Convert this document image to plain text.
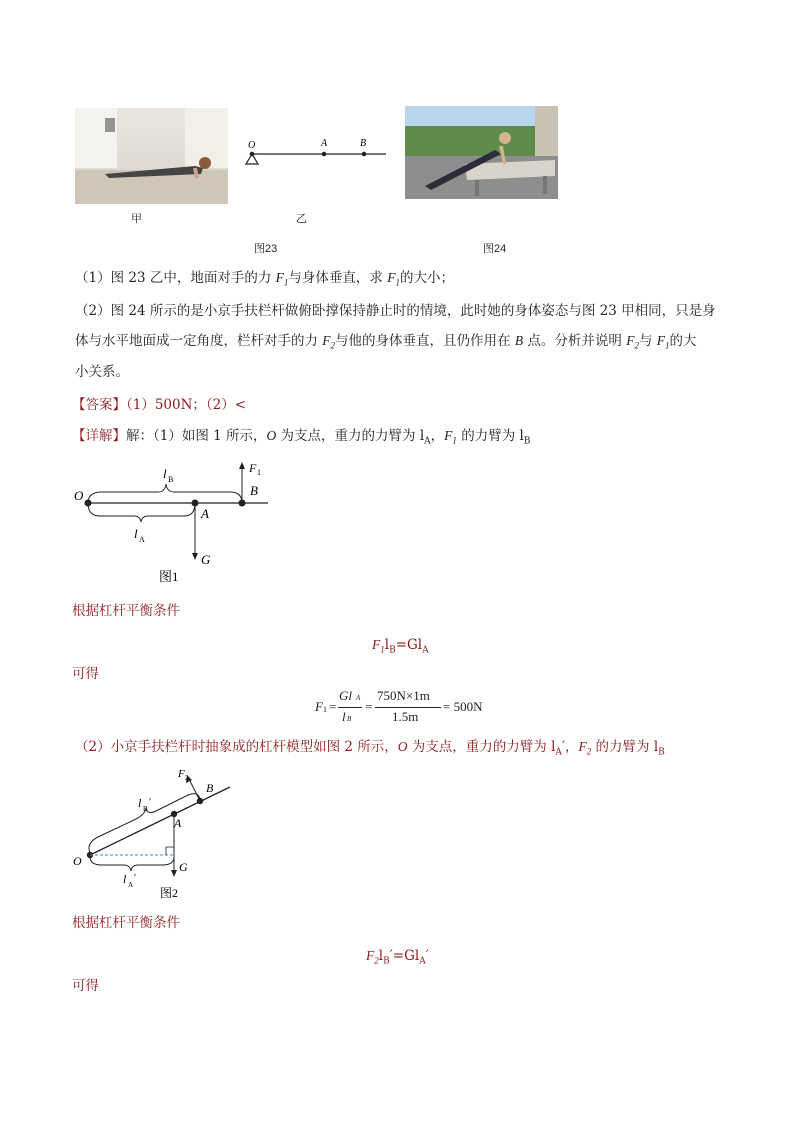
O	A	B
甲	乙
图23	图24
（1）图 23 乙中，地面对手的力 $F_1$与身体垂直，求 $F_1$的大小；
（2）图 24 所示的是小京手扶栏杆做俯卧撑保持静止时的情境，此时她的身体姿态与图 23 甲相同，只是身
体与水平地面成一定角度，栏杆对手的力 $F_2$与他的身体垂直，且仍作用在 B 点。分析并说明 $F_2$与 $F_1$的大
小关系。
【答案】（1）500N；（2）<
【详解】解：（1）如图 1 所示，O 为支点，重力的力臂为 $l_A$，$F_1$ 的力臂为 $l_B$
O
A
B
G
F 1
l B
l A
图1
根据杠杆平衡条件
$F_1l_B=Gl_A$
可得
F 1 =
Gl A
l B
=
750N×1m
1.5m
= 500N
（2）小京手扶栏杆时抽象成的杠杆模型如图 2 所示，O 为支点，重力的力臂为 $l_A'$，$F_2$ 的力臂为 $l_B$
O
A
B
G
F 2
l B
′
l A
′
图2
根据杠杆平衡条件
$F_2l_B'=Gl_A'$
可得
